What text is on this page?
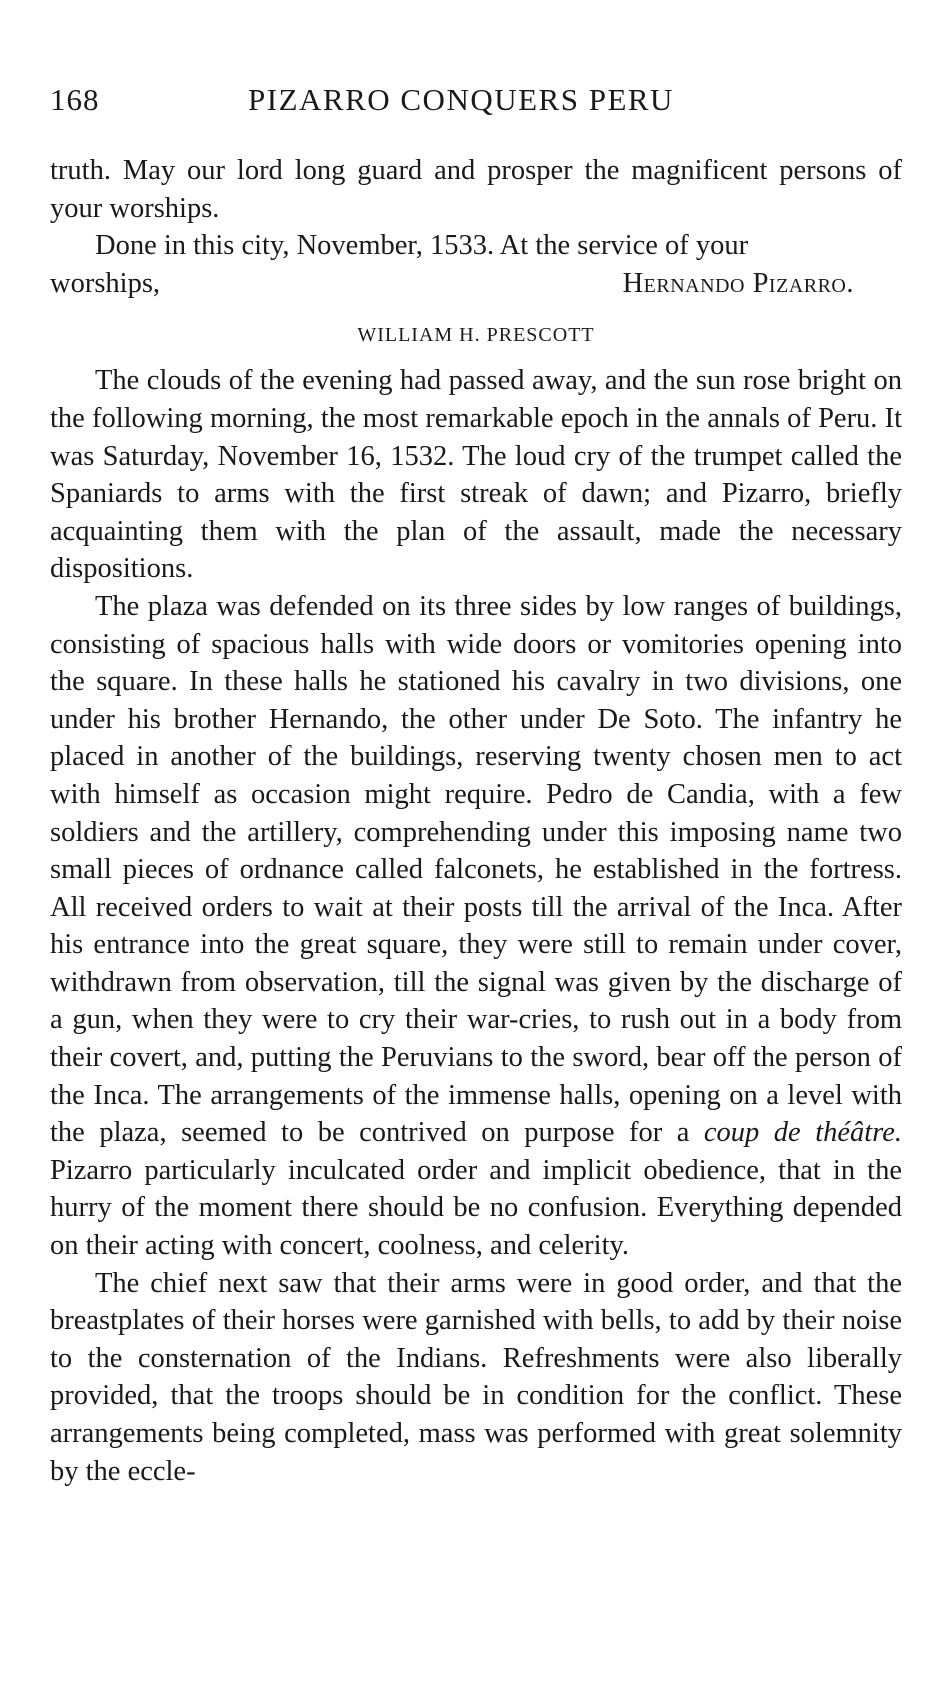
168	PIZARRO CONQUERS PERU

truth. May our lord long guard and prosper the magnificent persons of your worships.

Done in this city, November, 1533. At the service of your

worships,	Hernando Pizarro.
WILLIAM H. PRESCOTT

The clouds of the evening had passed away, and the sun rose bright on the following morning, the most remarkable epoch in the annals of Peru. It was Saturday, November 16, 1532. The loud cry of the trumpet called the Spaniards to arms with the first streak of dawn; and Pizarro, briefly acquainting them with the plan of the assault, made the necessary dispositions.

The plaza was defended on its three sides by low ranges of buildings, consisting of spacious halls with wide doors or vomitories opening into the square. In these halls he stationed his cavalry in two divisions, one under his brother Hernando, the other under De Soto. The infantry he placed in another of the buildings, reserving twenty chosen men to act with himself as occasion might require. Pedro de Candia, with a few soldiers and the artillery, comprehending under this imposing name two small pieces of ordnance called falconets, he established in the fortress. All received orders to wait at their posts till the arrival of the Inca. After his entrance into the great square, they were still to remain under cover, withdrawn from observation, till the signal was given by the discharge of a gun, when they were to cry their war-cries, to rush out in a body from their covert, and, putting the Peruvians to the sword, bear off the person of the Inca. The arrangements of the immense halls, opening on a level with the plaza, seemed to be contrived on purpose for a coup de théâtre. Pizarro particularly inculcated order and implicit obedience, that in the hurry of the moment there should be no confusion. Everything depended on their acting with concert, coolness, and celerity.

The chief next saw that their arms were in good order, and that the breastplates of their horses were garnished with bells, to add by their noise to the consternation of the Indians. Refreshments were also liberally provided, that the troops should be in condition for the conflict. These arrangements being completed, mass was performed with great solemnity by the eccle-
